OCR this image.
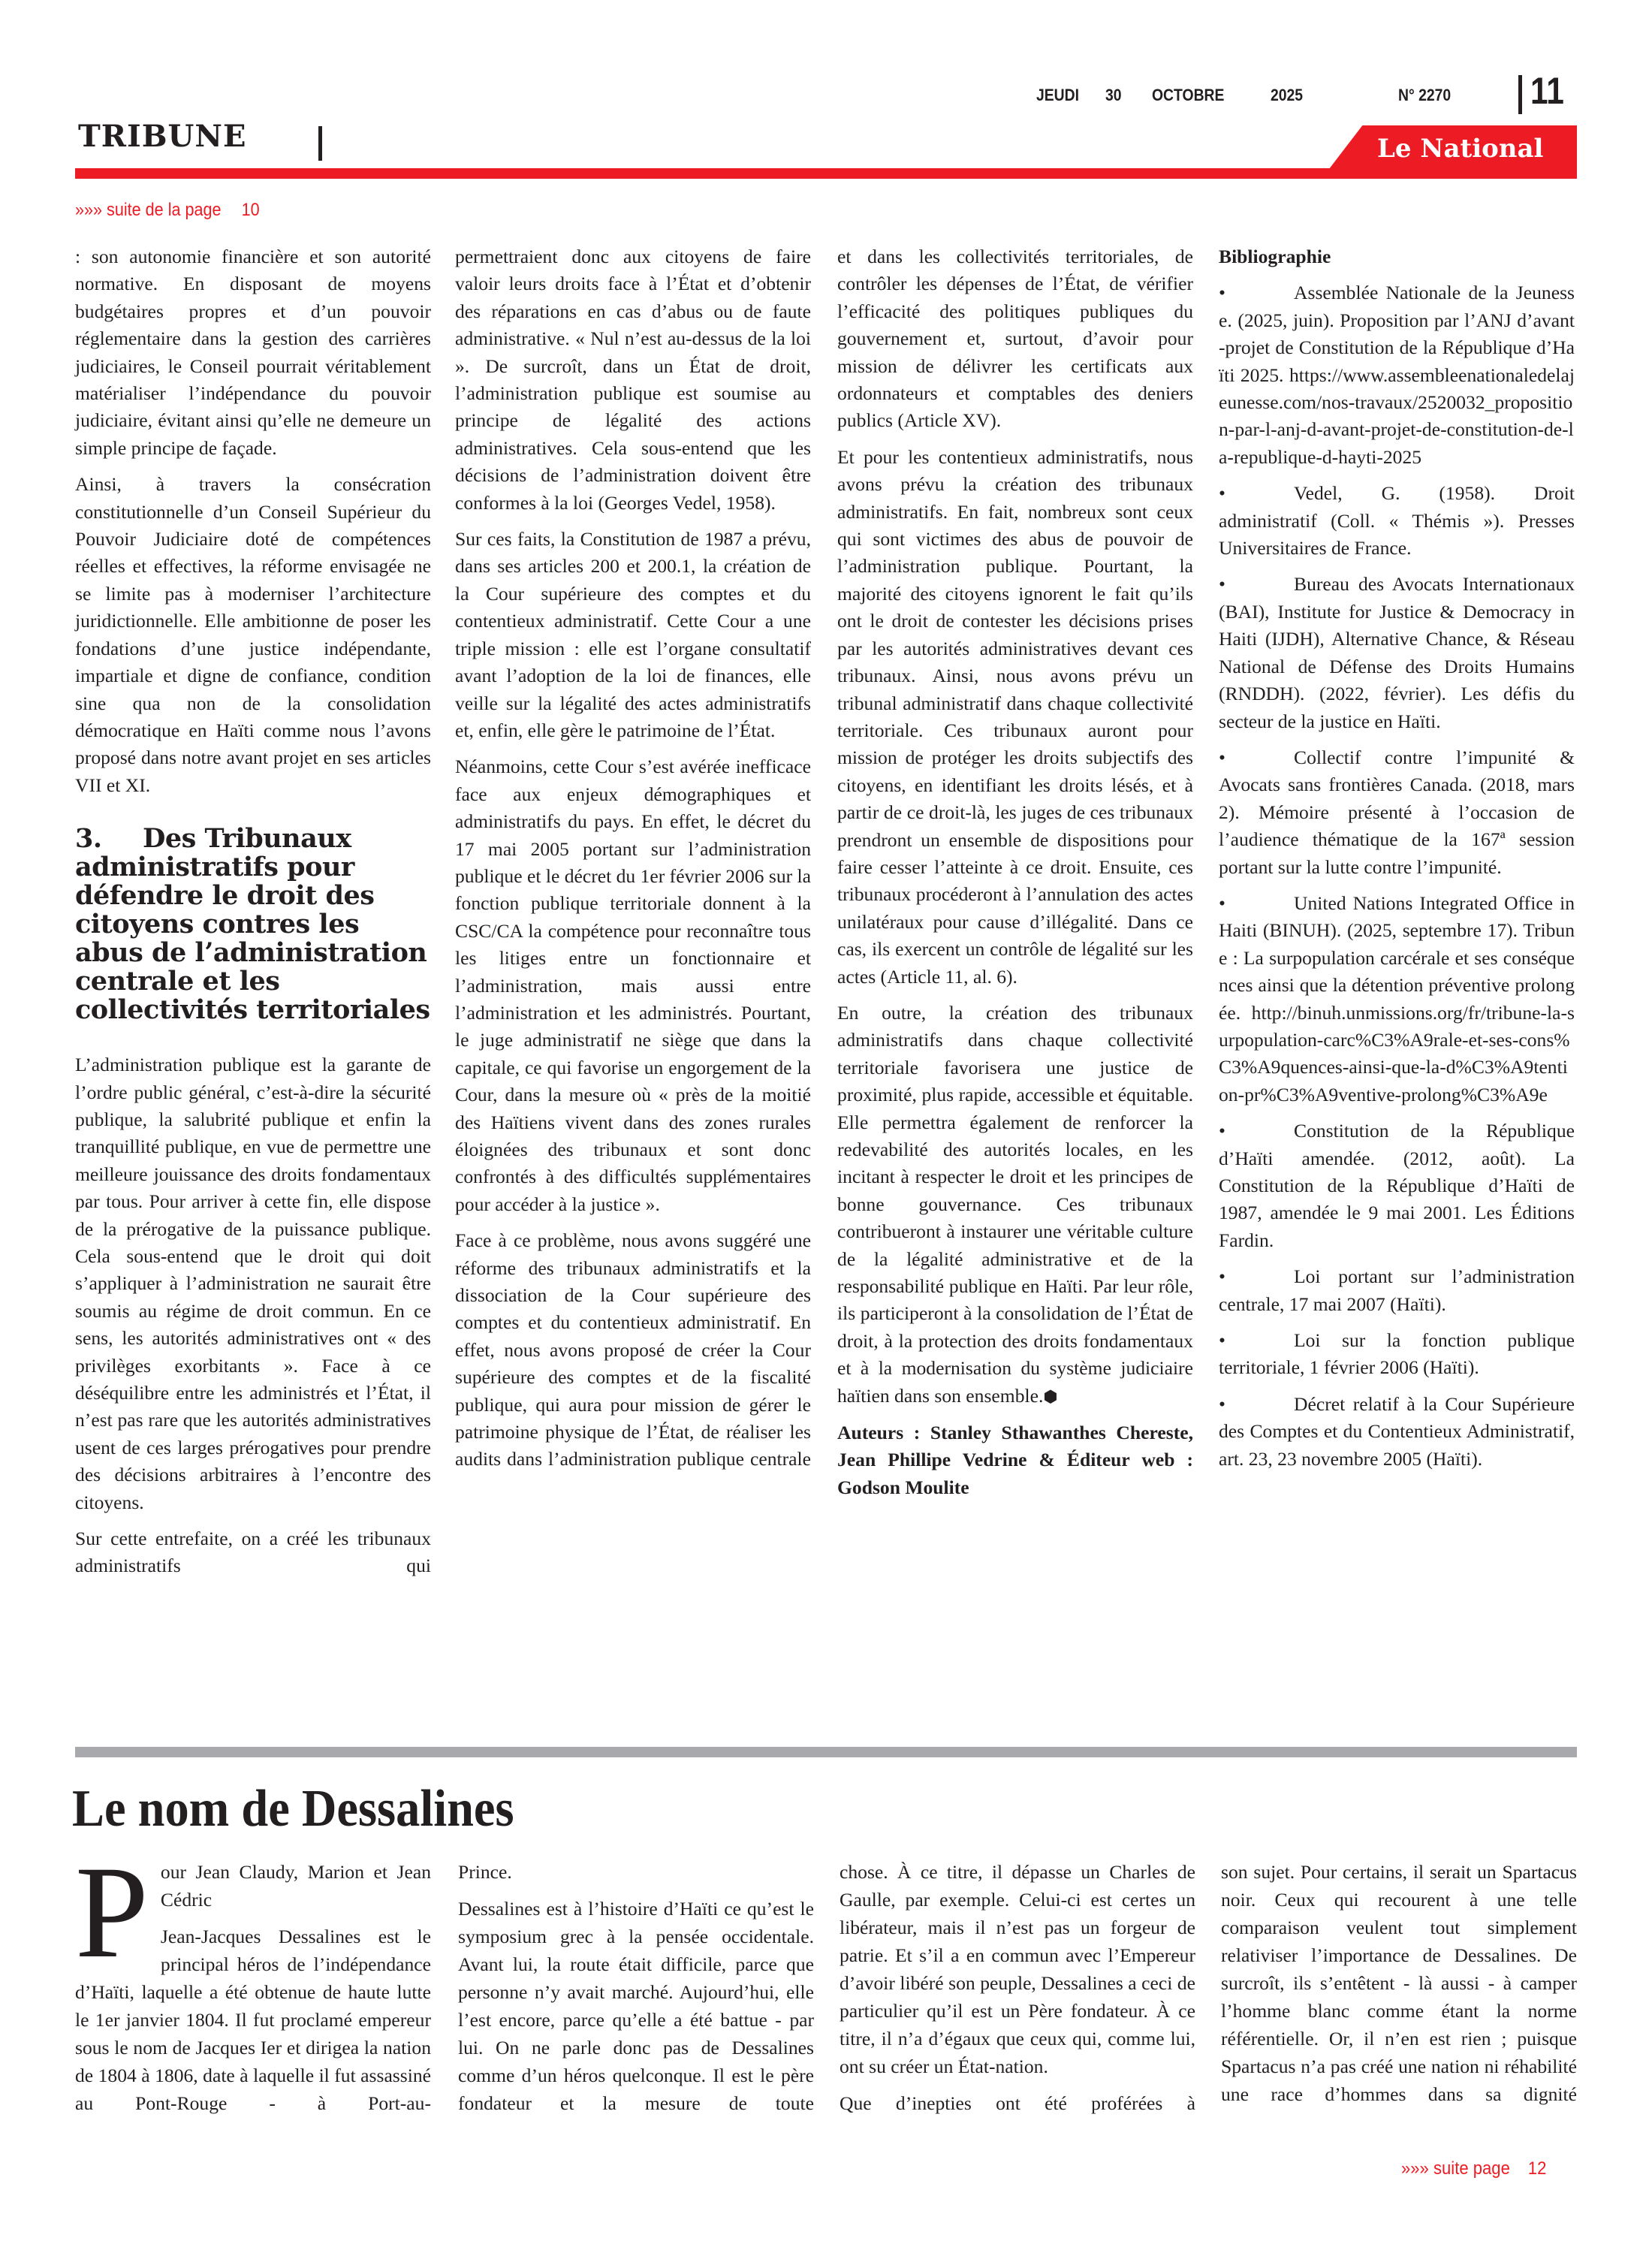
TRIBUNE
JEUDI 30 OCTOBRE	2025	N° 2270 11
Le National
»»» suite de la page 10

: son autonomie financière et son autorité normative. En disposant de moyens budgétaires propres et d’un pouvoir réglementaire dans la gestion des carrières judiciaires, le Conseil pourrait véritablement matérialiser l’indépendance du pouvoir judiciaire, évitant ainsi qu’elle ne demeure un simple principe de façade.

Ainsi, à travers la consécration constitutionnelle d’un Conseil Supérieur du Pouvoir Judiciaire doté de compétences réelles et effectives, la réforme envisagée ne se limite pas à moderniser l’architecture juridictionnelle. Elle ambitionne de poser les fondations d’une justice indépendante, impartiale et digne de confiance, condition sine qua non de la consolidation démocratique en Haïti comme nous l’avons proposé dans notre avant projet en ses articles VII et XI.

3. Des Tribunaux administratifs pour défendre le droit des citoyens contres les abus de l’administration centrale et les collectivités territoriales

L’administration publique est la garante de l’ordre public général, c’est-à-dire la sécurité publique, la salubrité publique et enfin la tranquillité publique, en vue de permettre une meilleure jouissance des droits fondamentaux par tous. Pour arriver à cette fin, elle dispose de la prérogative de la puissance publique. Cela sous-entend que le droit qui doit s’appliquer à l’administration ne saurait être soumis au régime de droit commun. En ce sens, les autorités administratives ont « des privilèges exorbitants ». Face à ce déséquilibre entre les administrés et l’État, il n’est pas rare que les autorités administratives usent de ces larges prérogatives pour prendre des décisions arbitraires à l’encontre des citoyens.

Sur cette entrefaite, on a créé les tribunaux administratifs qui

permettraient donc aux citoyens de faire valoir leurs droits face à l’État et d’obtenir des réparations en cas d’abus ou de faute administrative. « Nul n’est au-dessus de la loi ». De surcroît, dans un État de droit, l’administration publique est soumise au principe de légalité des actions administratives. Cela sous-entend que les décisions de l’administration doivent être conformes à la loi (Georges Vedel, 1958).

Sur ces faits, la Constitution de 1987 a prévu, dans ses articles 200 et 200.1, la création de la Cour supérieure des comptes et du contentieux administratif. Cette Cour a une triple mission : elle est l’organe consultatif avant l’adoption de la loi de finances, elle veille sur la légalité des actes administratifs et, enfin, elle gère le patrimoine de l’État.

Néanmoins, cette Cour s’est avérée inefficace face aux enjeux démographiques et administratifs du pays. En effet, le décret du 17 mai 2005 portant sur l’administration publique et le décret du 1er février 2006 sur la fonction publique territoriale donnent à la CSC/CA la compétence pour reconnaître tous les litiges entre un fonctionnaire et l’administration, mais aussi entre l’administration et les administrés. Pourtant, le juge administratif ne siège que dans la capitale, ce qui favorise un engorgement de la Cour, dans la mesure où « près de la moitié des Haïtiens vivent dans des zones rurales éloignées des tribunaux et sont donc confrontés à des difficultés supplémentaires pour accéder à la justice ».

Face à ce problème, nous avons suggéré une réforme des tribunaux administratifs et la dissociation de la Cour supérieure des comptes et du contentieux administratif. En effet, nous avons proposé de créer la Cour supérieure des comptes et de la fiscalité publique, qui aura pour mission de gérer le patrimoine physique de l’État, de réaliser les audits dans l’administration publique centrale

et dans les collectivités territoriales, de contrôler les dépenses de l’État, de vérifier l’efficacité des politiques publiques du gouvernement et, surtout, d’avoir pour mission de délivrer les certificats aux ordonnateurs et comptables des deniers publics (Article XV).

Et pour les contentieux administratifs, nous avons prévu la création des tribunaux administratifs. En fait, nombreux sont ceux qui sont victimes des abus de pouvoir de l’administration publique. Pourtant, la majorité des citoyens ignorent le fait qu’ils ont le droit de contester les décisions prises par les autorités administratives devant ces tribunaux. Ainsi, nous avons prévu un tribunal administratif dans chaque collectivité territoriale. Ces tribunaux auront pour mission de protéger les droits subjectifs des citoyens, en identifiant les droits lésés, et à partir de ce droit-là, les juges de ces tribunaux prendront un ensemble de dispositions pour faire cesser l’atteinte à ce droit. Ensuite, ces tribunaux procéderont à l’annulation des actes unilatéraux pour cause d’illégalité. Dans ce cas, ils exercent un contrôle de légalité sur les actes (Article 11, al. 6).

En outre, la création des tribunaux administratifs dans chaque collectivité territoriale favorisera une justice de proximité, plus rapide, accessible et équitable. Elle permettra également de renforcer la redevabilité des autorités locales, en les incitant à respecter le droit et les principes de bonne gouvernance. Ces tribunaux contribueront à instaurer une véritable culture de la légalité administrative et de la responsabilité publique en Haïti. Par leur rôle, ils participeront à la consolidation de l’État de droit, à la protection des droits fondamentaux et à la modernisation du système judiciaire haïtien dans son ensemble.⬢

Auteurs : Stanley Sthawanthes Chereste, Jean Phillipe Vedrine & Éditeur web : Godson Moulite

Bibliographie
•	Assemblée Nationale de la Jeunesse. (2025, juin). Proposition par l’ANJ d’avant-projet de Constitution de la République d’Haïti 2025. https://www.assembleenationaledelajeunesse.com/nos-travaux/2520032_proposition-par-l-anj-d-avant-projet-de-constitution-de-la-republique-d-hayti-2025
•	Vedel, G. (1958). Droit administratif (Coll. « Thémis »). Presses Universitaires de France.
•	Bureau des Avocats Internationaux (BAI), Institute for Justice & Democracy in Haiti (IJDH), Alternative Chance, & Réseau National de Défense des Droits Humains (RNDDH). (2022, février). Les défis du secteur de la justice en Haïti.
•	Collectif contre l’impunité & Avocats sans frontières Canada. (2018, mars 2). Mémoire présenté à l’occasion de l’audience thématique de la 167ª session portant sur la lutte contre l’impunité.
•	United Nations Integrated Office in Haiti (BINUH). (2025, septembre 17). Tribune : La surpopulation carcérale et ses conséquences ainsi que la détention préventive prolongée. http://binuh.unmissions.org/fr/tribune-la-surpopulation-carc%C3%A9rale-et-ses-cons%C3%A9quences-ainsi-que-la-d%C3%A9tention-pr%C3%A9ventive-prolong%C3%A9e
•	Constitution de la République d’Haïti amendée. (2012, août). La Constitution de la République d’Haïti de 1987, amendée le 9 mai 2001. Les Éditions Fardin.
•	Loi portant sur l’administration centrale, 17 mai 2007 (Haïti).
•	Loi sur la fonction publique territoriale, 1 février 2006 (Haïti).
•	Décret relatif à la Cour Supérieure des Comptes et du Contentieux Administratif, art. 23, 23 novembre 2005 (Haïti).
Le nom de Dessalines
P our Jean Claudy, Marion et Jean Cédric

Jean-Jacques Dessalines est le principal héros de l’indépendance d’Haïti, laquelle a été obtenue de haute lutte le 1er janvier 1804. Il fut proclamé empereur sous le nom de Jacques Ier et dirigea la nation de 1804 à 1806, date à laquelle il fut assassiné au Pont-Rouge - à Port-au-

Prince.

Dessalines est à l’histoire d’Haïti ce qu’est le symposium grec à la pensée occidentale. Avant lui, la route était difficile, parce que personne n’y avait marché. Aujourd’hui, elle l’est encore, parce qu’elle a été battue - par lui. On ne parle donc pas de Dessalines comme d’un héros quelconque. Il est le père fondateur et la mesure de toute

chose. À ce titre, il dépasse un Charles de Gaulle, par exemple. Celui-ci est certes un libérateur, mais il n’est pas un forgeur de patrie. Et s’il a en commun avec l’Empereur d’avoir libéré son peuple, Dessalines a ceci de particulier qu’il est un Père fondateur. À ce titre, il n’a d’égaux que ceux qui, comme lui, ont su créer un État-nation.

Que d’inepties ont été proférées à

son sujet. Pour certains, il serait un Spartacus noir. Ceux qui recourent à une telle comparaison veulent tout simplement relativiser l’importance de Dessalines. De surcroît, ils s’entêtent - là aussi - à camper l’homme blanc comme étant la norme référentielle. Or, il n’en est rien ; puisque Spartacus n’a pas créé une nation ni réhabilité une race d’hommes dans sa dignité

»»» suite page 12
